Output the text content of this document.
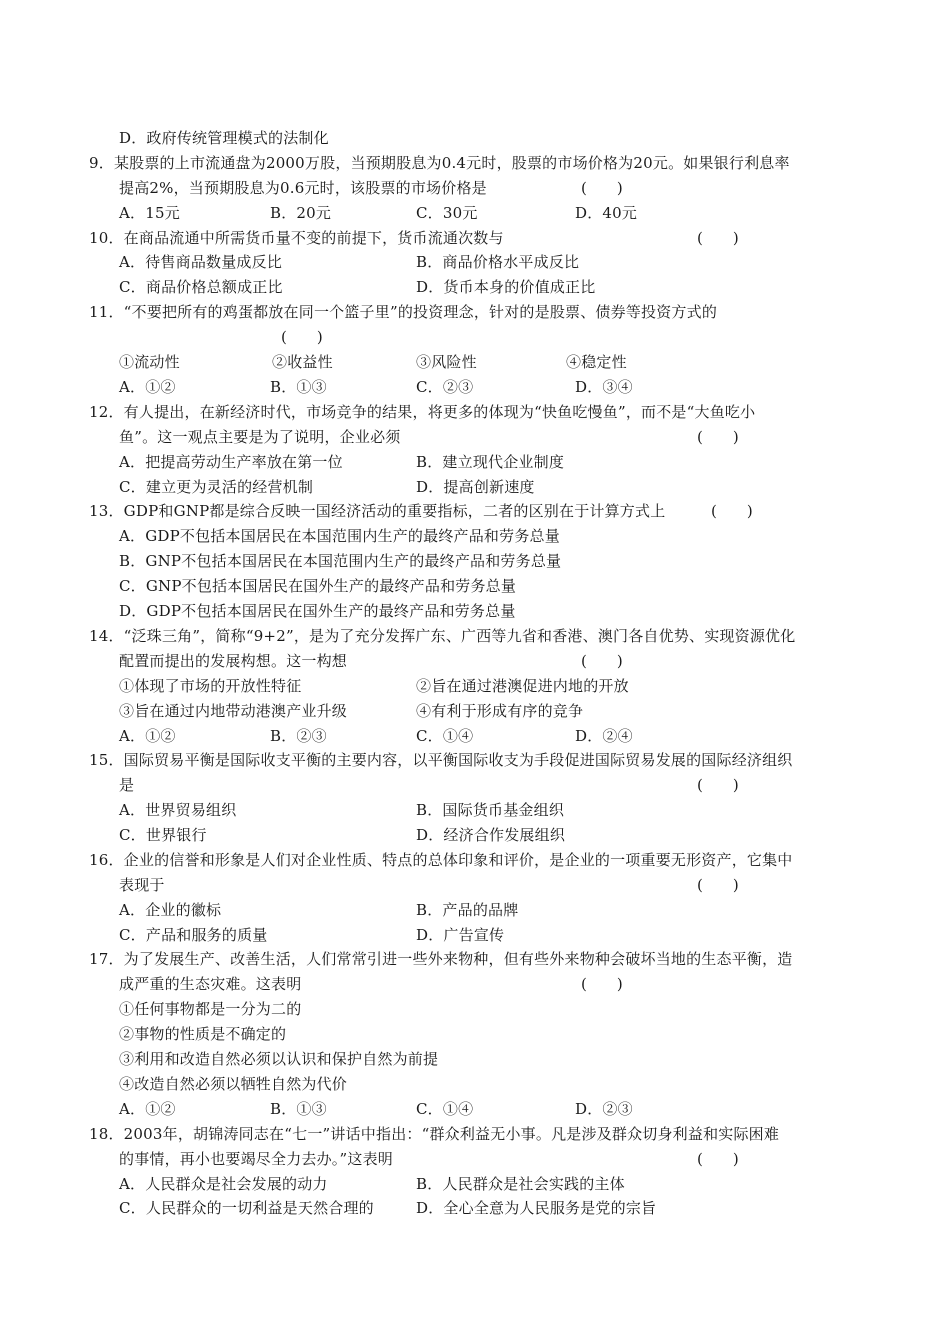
D．政府传统管理模式的法制化
9．某股票的上市流通盘为2000万股，当预期股息为0.4元时，股票的市场价格为20元。如果银行利息率
提高2%，当预期股息为0.6元时，该股票的市场价格是	(　　)
A．15元	B．20元	C．30元	D．40元
10．在商品流通中所需货币量不变的前提下，货币流通次数与	(　　)
A．待售商品数量成反比	B．商品价格水平成反比
C．商品价格总额成正比	D．货币本身的价值成正比
11．“不要把所有的鸡蛋都放在同一个篮子里”的投资理念，针对的是股票、债券等投资方式的
(　　)
①流动性	②收益性	③风险性	④稳定性
A．①②	B．①③	C．②③	D．③④
12．有人提出，在新经济时代，市场竞争的结果，将更多的体现为“快鱼吃慢鱼”，而不是“大鱼吃小
鱼”。这一观点主要是为了说明，企业必须	(　　)
A．把提高劳动生产率放在第一位	B．建立现代企业制度
C．建立更为灵活的经营机制	D．提高创新速度
13．GDP和GNP都是综合反映一国经济活动的重要指标，二者的区别在于计算方式上	(　　)
A．GDP不包括本国居民在本国范围内生产的最终产品和劳务总量
B．GNP不包括本国居民在本国范围内生产的最终产品和劳务总量
C．GNP不包括本国居民在国外生产的最终产品和劳务总量
D．GDP不包括本国居民在国外生产的最终产品和劳务总量
14．“泛珠三角”，简称“9+2”，是为了充分发挥广东、广西等九省和香港、澳门各自优势、实现资源优化
配置而提出的发展构想。这一构想	(　　)
①体现了市场的开放性特征	②旨在通过港澳促进内地的开放
③旨在通过内地带动港澳产业升级	④有利于形成有序的竞争
A．①②	B．②③	C．①④	D．②④
15．国际贸易平衡是国际收支平衡的主要内容，以平衡国际收支为手段促进国际贸易发展的国际经济组织
是	(　　)
A．世界贸易组织	B．国际货币基金组织
C．世界银行	D．经济合作发展组织
16．企业的信誉和形象是人们对企业性质、特点的总体印象和评价，是企业的一项重要无形资产，它集中
表现于	(　　)
A．企业的徽标	B．产品的品牌
C．产品和服务的质量	D．广告宣传
17．为了发展生产、改善生活，人们常常引进一些外来物种，但有些外来物种会破坏当地的生态平衡，造
成严重的生态灾难。这表明	(　　)
①任何事物都是一分为二的
②事物的性质是不确定的
③利用和改造自然必须以认识和保护自然为前提
④改造自然必须以牺牲自然为代价
A．①②	B．①③	C．①④	D．②③
18．2003年，胡锦涛同志在“七一”讲话中指出：“群众利益无小事。凡是涉及群众切身利益和实际困难
的事情，再小也要竭尽全力去办。”这表明	(　　)
A．人民群众是社会发展的动力	B．人民群众是社会实践的主体
C．人民群众的一切利益是天然合理的	D．全心全意为人民服务是党的宗旨
